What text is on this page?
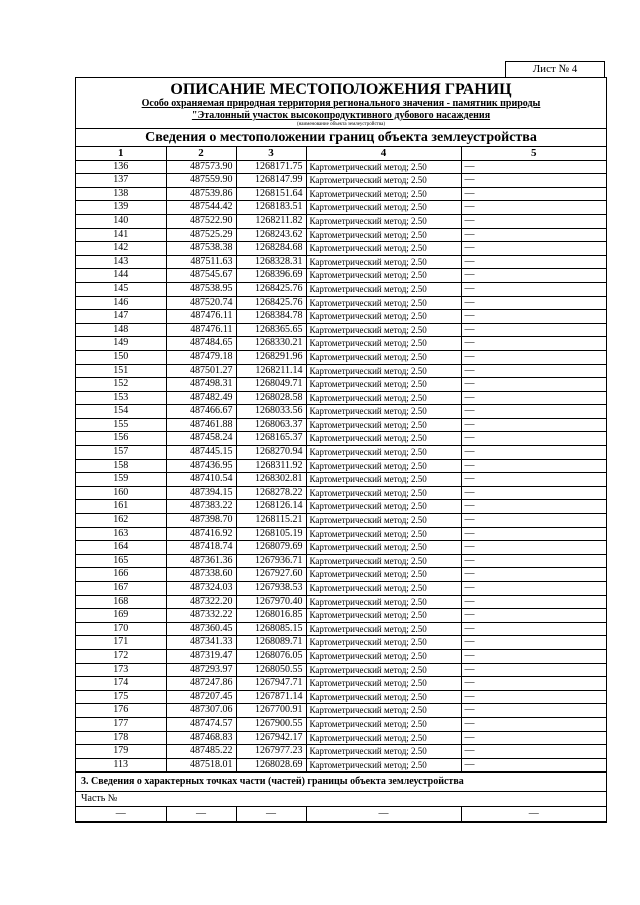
Лист № 4
ОПИСАНИЕ МЕСТОПОЛОЖЕНИЯ ГРАНИЦ
Особо охраняемая природная территория регионального значения - памятник природы
"Эталонный участок высокопродуктивного дубового насаждения
(наименование объекта землеустройства)
Сведения о местоположении границ объекта землеустройства
1	2	3	4	5
136	487573.90	1268171.75	Картометрический метод; 2.50	—
137	487559.90	1268147.99	Картометрический метод; 2.50	—
138	487539.86	1268151.64	Картометрический метод; 2.50	—
139	487544.42	1268183.51	Картометрический метод; 2.50	—
140	487522.90	1268211.82	Картометрический метод; 2.50	—
141	487525.29	1268243.62	Картометрический метод; 2.50	—
142	487538.38	1268284.68	Картометрический метод; 2.50	—
143	487511.63	1268328.31	Картометрический метод; 2.50	—
144	487545.67	1268396.69	Картометрический метод; 2.50	—
145	487538.95	1268425.76	Картометрический метод; 2.50	—
146	487520.74	1268425.76	Картометрический метод; 2.50	—
147	487476.11	1268384.78	Картометрический метод; 2.50	—
148	487476.11	1268365.65	Картометрический метод; 2.50	—
149	487484.65	1268330.21	Картометрический метод; 2.50	—
150	487479.18	1268291.96	Картометрический метод; 2.50	—
151	487501.27	1268211.14	Картометрический метод; 2.50	—
152	487498.31	1268049.71	Картометрический метод; 2.50	—
153	487482.49	1268028.58	Картометрический метод; 2.50	—
154	487466.67	1268033.56	Картометрический метод; 2.50	—
155	487461.88	1268063.37	Картометрический метод; 2.50	—
156	487458.24	1268165.37	Картометрический метод; 2.50	—
157	487445.15	1268270.94	Картометрический метод; 2.50	—
158	487436.95	1268311.92	Картометрический метод; 2.50	—
159	487410.54	1268302.81	Картометрический метод; 2.50	—
160	487394.15	1268278.22	Картометрический метод; 2.50	—
161	487383.22	1268126.14	Картометрический метод; 2.50	—
162	487398.70	1268115.21	Картометрический метод; 2.50	—
163	487416.92	1268105.19	Картометрический метод; 2.50	—
164	487418.74	1268079.69	Картометрический метод; 2.50	—
165	487361.36	1267936.71	Картометрический метод; 2.50	—
166	487338.60	1267927.60	Картометрический метод; 2.50	—
167	487324.03	1267938.53	Картометрический метод; 2.50	—
168	487322.20	1267970.40	Картометрический метод; 2.50	—
169	487332.22	1268016.85	Картометрический метод; 2.50	—
170	487360.45	1268085.15	Картометрический метод; 2.50	—
171	487341.33	1268089.71	Картометрический метод; 2.50	—
172	487319.47	1268076.05	Картометрический метод; 2.50	—
173	487293.97	1268050.55	Картометрический метод; 2.50	—
174	487247.86	1267947.71	Картометрический метод; 2.50	—
175	487207.45	1267871.14	Картометрический метод; 2.50	—
176	487307.06	1267700.91	Картометрический метод; 2.50	—
177	487474.57	1267900.55	Картометрический метод; 2.50	—
178	487468.83	1267942.17	Картометрический метод; 2.50	—
179	487485.22	1267977.23	Картометрический метод; 2.50	—
113	487518.01	1268028.69	Картометрический метод; 2.50	—
3. Сведения о характерных точках части (частей) границы объекта землеустройства
Часть №
—	—	—	—	—
